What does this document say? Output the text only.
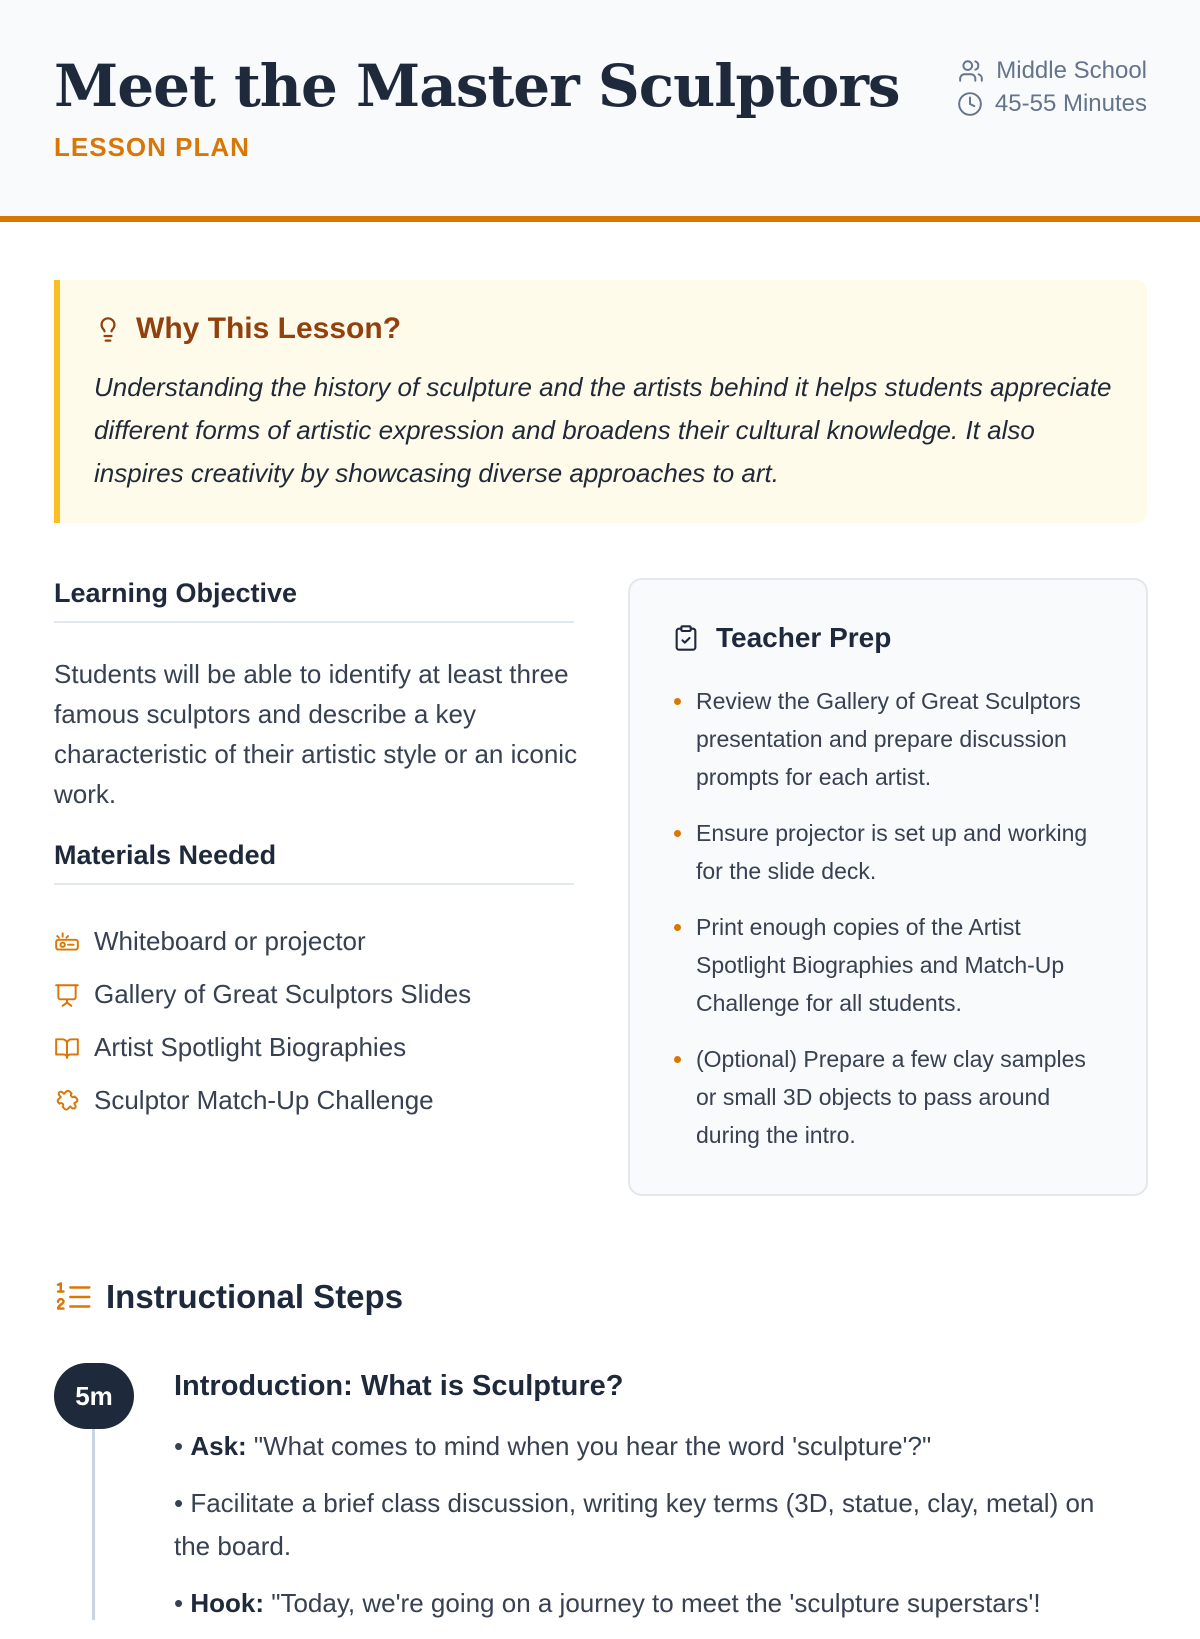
Meet the Master Sculptors
LESSON PLAN
Middle School
45-55 Minutes
Why This Lesson?
Understanding the history of sculpture and the artists behind it helps students appreciate different forms of artistic expression and broadens their cultural knowledge. It also inspires creativity by showcasing diverse approaches to art.
Learning Objective
Students will be able to identify at least three famous sculptors and describe a key characteristic of their artistic style or an iconic work.
Materials Needed
Whiteboard or projector
Gallery of Great Sculptors Slides
Artist Spotlight Biographies
Sculptor Match-Up Challenge
Teacher Prep
Review the Gallery of Great Sculptors presentation and prepare discussion prompts for each artist.
Ensure projector is set up and working for the slide deck.
Print enough copies of the Artist Spotlight Biographies and Match-Up Challenge for all students.
(Optional) Prepare a few clay samples or small 3D objects to pass around during the intro.
Instructional Steps
5m	Introduction: What is Sculpture?

• Ask: "What comes to mind when you hear the word 'sculpture'?"

• Facilitate a brief class discussion, writing key terms (3D, statue, clay, metal) on the board.

• Hook: "Today, we're going on a journey to meet the 'sculpture superstars'!
